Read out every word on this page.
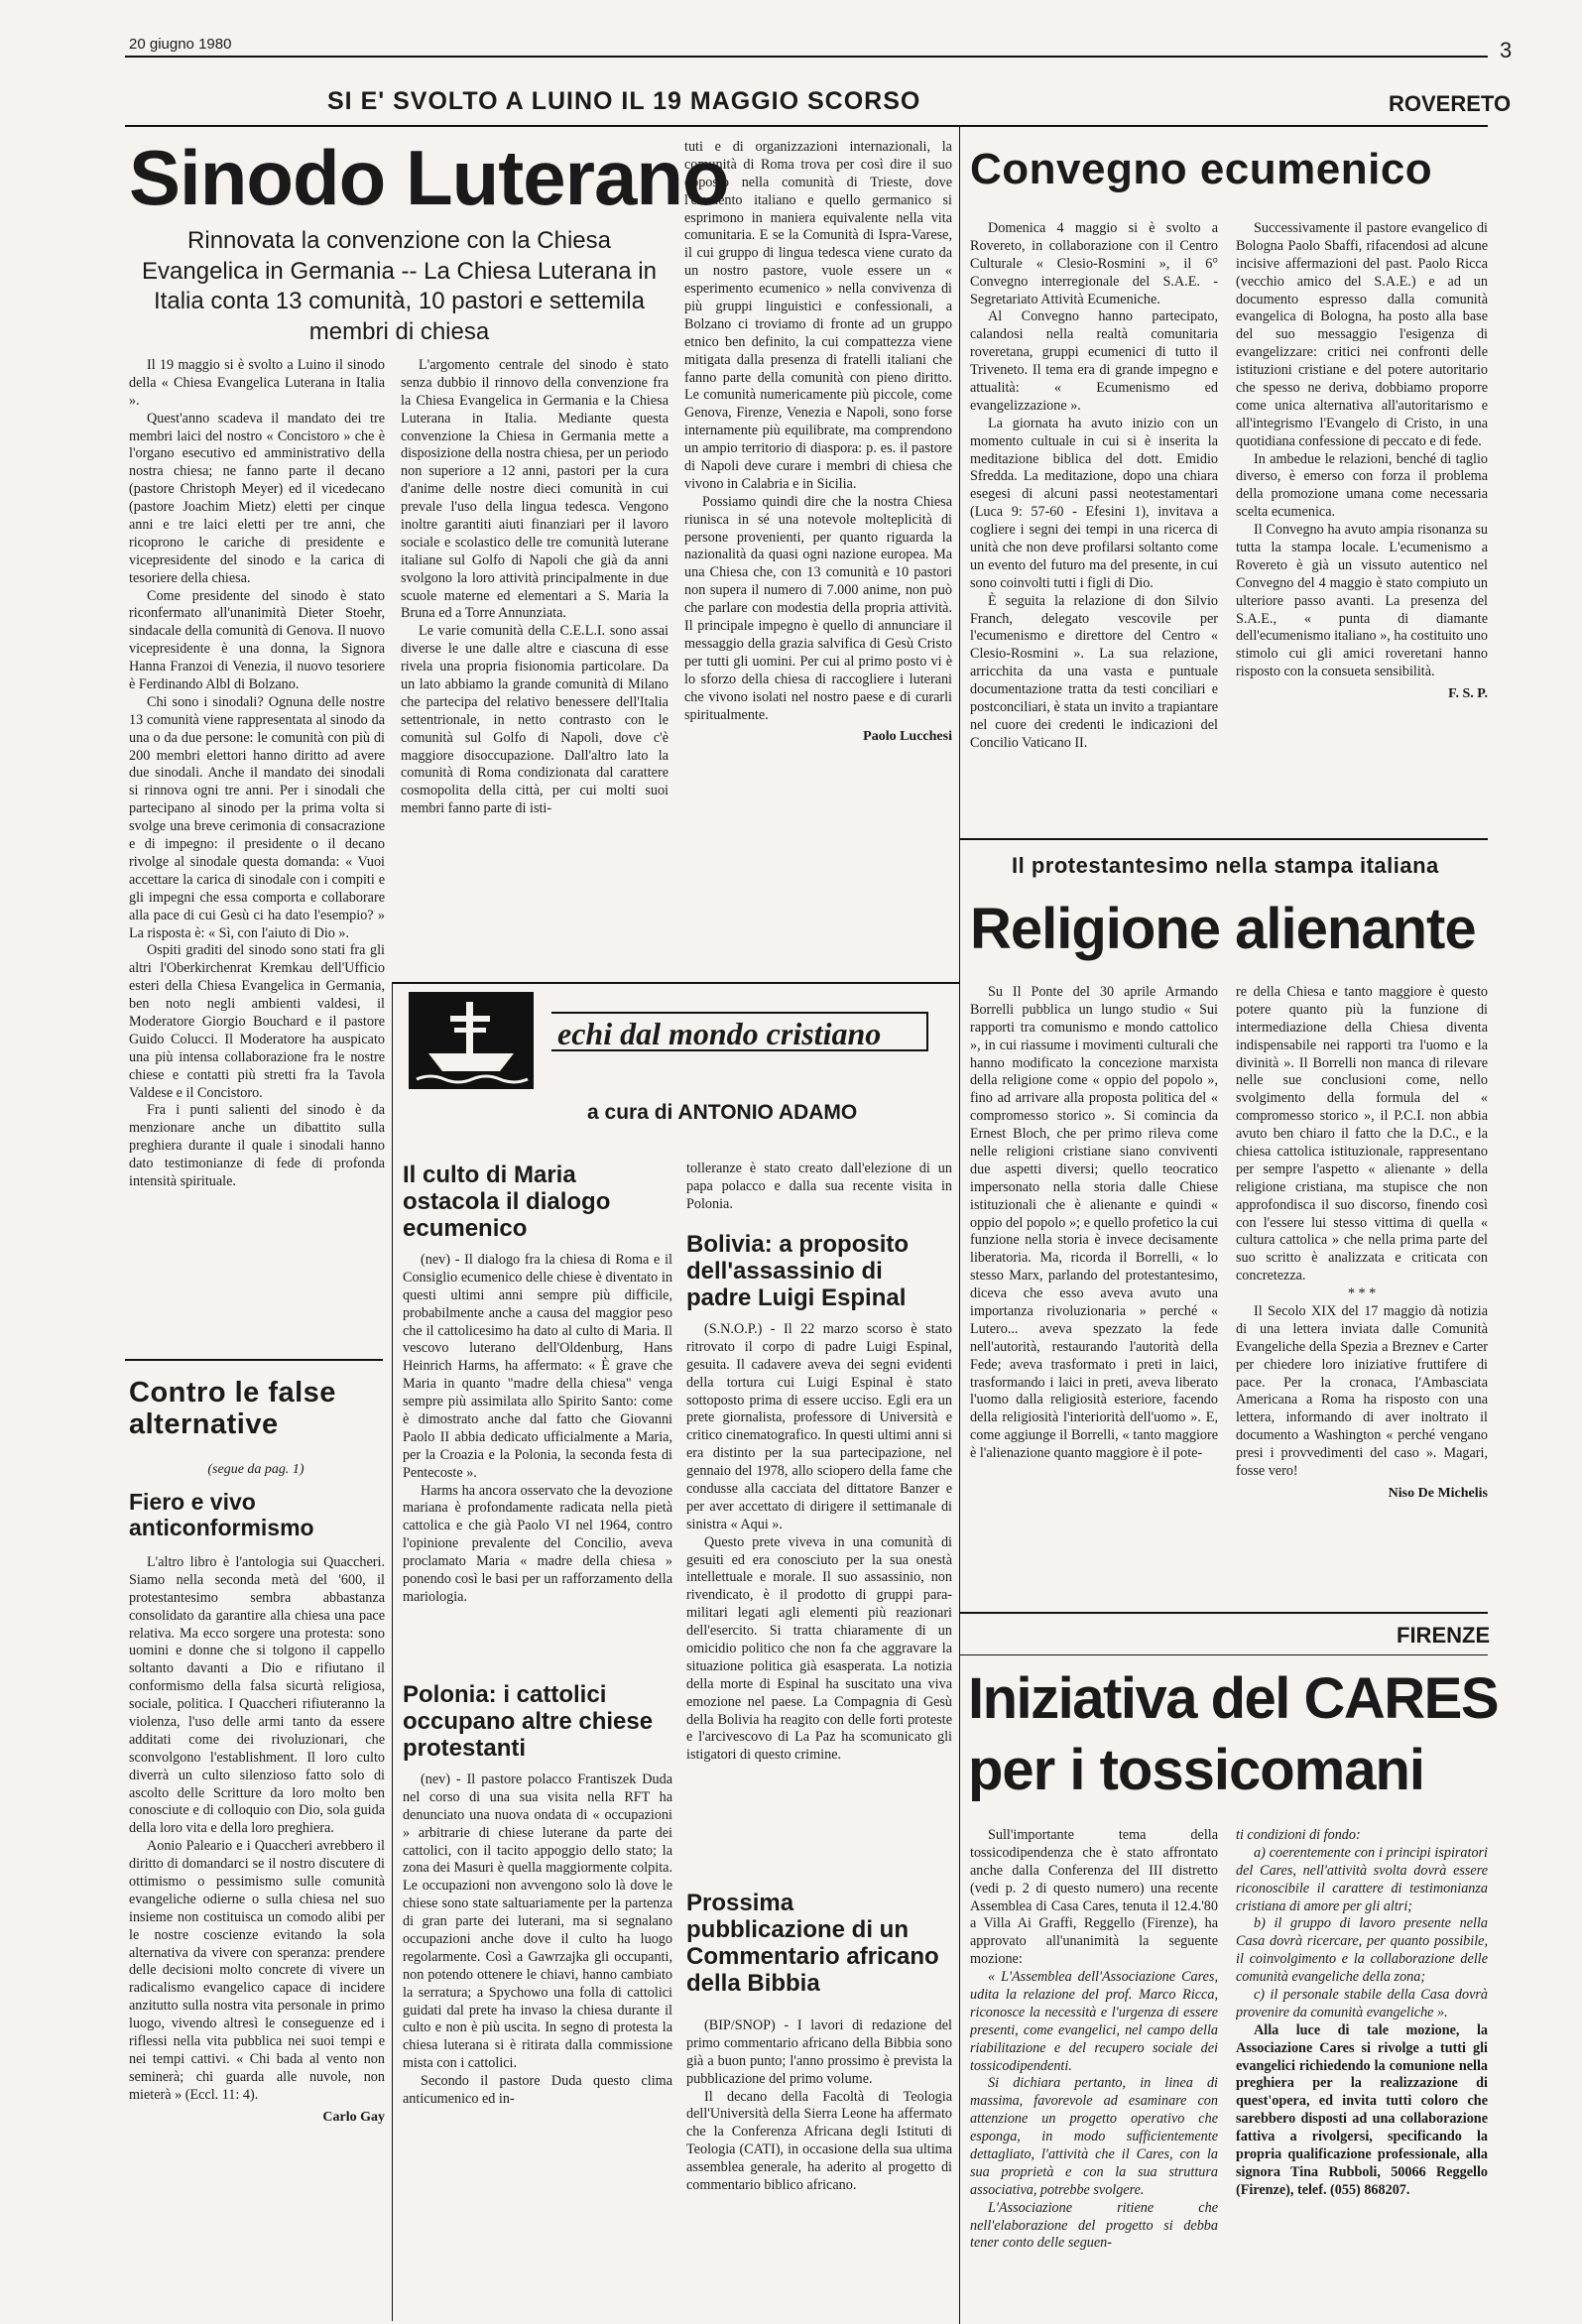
20 giugno 1980	3
SI E' SVOLTO A LUINO IL 19 MAGGIO SCORSO	ROVERETO
Sinodo Luterano
Rinnovata la convenzione con la Chiesa Evangelica in Germania -- La Chiesa Luterana in Italia conta 13 comunità, 10 pastori e settemila membri di chiesa

Il 19 maggio si è svolto a Luino il sinodo della « Chiesa Evangelica Luterana in Italia ».

Quest'anno scadeva il mandato dei tre membri laici del nostro « Concistoro » che è l'organo esecutivo ed amministrativo della nostra chiesa; ne fanno parte il decano (pastore Christoph Meyer) ed il vicedecano (pastore Joachim Mietz) eletti per cinque anni e tre laici eletti per tre anni, che ricoprono le cariche di presidente e vicepresidente del sinodo e la carica di tesoriere della chiesa.

Come presidente del sinodo è stato riconfermato all'unanimità Dieter Stoehr, sindacale della comunità di Genova. Il nuovo vicepresidente è una donna, la Signora Hanna Franzoi di Venezia, il nuovo tesoriere è Ferdinando Albl di Bolzano.

Chi sono i sinodali? Ognuna delle nostre 13 comunità viene rappresentata al sinodo da una o da due persone: le comunità con più di 200 membri elettori hanno diritto ad avere due sinodali. Anche il mandato dei sinodali si rinnova ogni tre anni. Per i sinodali che partecipano al sinodo per la prima volta si svolge una breve cerimonia di consacrazione e di impegno: il presidente o il decano rivolge al sinodale questa domanda: « Vuoi accettare la carica di sinodale con i compiti e gli impegni che essa comporta e collaborare alla pace di cui Gesù ci ha dato l'esempio? » La risposta è: « Sì, con l'aiuto di Dio ».

Ospiti graditi del sinodo sono stati fra gli altri l'Oberkirchenrat Kremkau dell'Ufficio esteri della Chiesa Evangelica in Germania, ben noto negli ambienti valdesi, il Moderatore Giorgio Bouchard e il pastore Guido Colucci. Il Moderatore ha auspicato una più intensa collaborazione fra le nostre chiese e contatti più stretti fra la Tavola Valdese e il Concistoro.

Fra i punti salienti del sinodo è da menzionare anche un dibattito sulla preghiera durante il quale i sinodali hanno dato testimonianze di fede di profonda intensità spirituale.

L'argomento centrale del sinodo è stato senza dubbio il rinnovo della convenzione fra la Chiesa Evangelica in Germania e la Chiesa Luterana in Italia. Mediante questa convenzione la Chiesa in Germania mette a disposizione della nostra chiesa, per un periodo non superiore a 12 anni, pastori per la cura d'anime delle nostre dieci comunità in cui prevale l'uso della lingua tedesca. Vengono inoltre garantiti aiuti finanziari per il lavoro sociale e scolastico delle tre comunità luterane italiane sul Golfo di Napoli che già da anni svolgono la loro attività principalmente in due scuole materne ed elementari a S. Maria la Bruna ed a Torre Annunziata.

Le varie comunità della C.E.L.I. sono assai diverse le une dalle altre e ciascuna di esse rivela una propria fisionomia particolare. Da un lato abbiamo la grande comunità di Milano che partecipa del relativo benessere dell'Italia settentrionale, in netto contrasto con le comunità sul Golfo di Napoli, dove c'è maggiore disoccupazione. Dall'altro lato la comunità di Roma condizionata dal carattere cosmopolita della città, per cui molti suoi membri fanno parte di isti-

tuti e di organizzazioni internazionali, la comunità di Roma trova per così dire il suo opposto nella comunità di Trieste, dove l'elemento italiano e quello germanico si esprimono in maniera equivalente nella vita comunitaria. E se la Comunità di Ispra-Varese, il cui gruppo di lingua tedesca viene curato da un nostro pastore, vuole essere un « esperimento ecumenico » nella convivenza di più gruppi linguistici e confessionali, a Bolzano ci troviamo di fronte ad un gruppo etnico ben definito, la cui compattezza viene mitigata dalla presenza di fratelli italiani che fanno parte della comunità con pieno diritto. Le comunità numericamente più piccole, come Genova, Firenze, Venezia e Napoli, sono forse internamente più equilibrate, ma comprendono un ampio territorio di diaspora: p. es. il pastore di Napoli deve curare i membri di chiesa che vivono in Calabria e in Sicilia.

Possiamo quindi dire che la nostra Chiesa riunisca in sé una notevole molteplicità di persone provenienti, per quanto riguarda la nazionalità da quasi ogni nazione europea. Ma una Chiesa che, con 13 comunità e 10 pastori non supera il numero di 7.000 anime, non può che parlare con modestia della propria attività. Il principale impegno è quello di annunciare il messaggio della grazia salvifica di Gesù Cristo per tutti gli uomini. Per cui al primo posto vi è lo sforzo della chiesa di raccogliere i luterani che vivono isolati nel nostro paese e di curarli spiritualmente.

Paolo Lucchesi
Contro le false alternative
(segue da pag. 1)
Fiero e vivo anticonformismo

L'altro libro è l'antologia sui Quaccheri. Siamo nella seconda metà del '600, il protestantesimo sembra abbastanza consolidato da garantire alla chiesa una pace relativa. Ma ecco sorgere una protesta: sono uomini e donne che si tolgono il cappello soltanto davanti a Dio e rifiutano il conformismo della falsa sicurtà religiosa, sociale, politica. I Quaccheri rifiuteranno la violenza, l'uso delle armi tanto da essere additati come dei rivoluzionari, che sconvolgono l'establishment. Il loro culto diverrà un culto silenzioso fatto solo di ascolto delle Scritture da loro molto ben conosciute e di colloquio con Dio, sola guida della loro vita e della loro preghiera.

Aonio Paleario e i Quaccheri avrebbero il diritto di domandarci se il nostro discutere di ottimismo o pessimismo sulle comunità evangeliche odierne o sulla chiesa nel suo insieme non costituisca un comodo alibi per le nostre coscienze evitando la sola alternativa da vivere con speranza: prendere delle decisioni molto concrete di vivere un radicalismo evangelico capace di incidere anzitutto sulla nostra vita personale in primo luogo, vivendo altresì le conseguenze ed i riflessi nella vita pubblica nei suoi tempi e nei tempi cattivi. « Chi bada al vento non seminerà; chi guarda alle nuvole, non mieterà » (Eccl. 11: 4).

Carlo Gay
echi dal mondo cristiano
a cura di ANTONIO ADAMO
Il culto di Maria ostacola il dialogo ecumenico

(nev) - Il dialogo fra la chiesa di Roma e il Consiglio ecumenico delle chiese è diventato in questi ultimi anni sempre più difficile, probabilmente anche a causa del maggior peso che il cattolicesimo ha dato al culto di Maria. Il vescovo luterano dell'Oldenburg, Hans Heinrich Harms, ha affermato: « È grave che Maria in quanto "madre della chiesa" venga sempre più assimilata allo Spirito Santo: come è dimostrato anche dal fatto che Giovanni Paolo II abbia dedicato ufficialmente a Maria, per la Croazia e la Polonia, la seconda festa di Pentecoste ».

Harms ha ancora osservato che la devozione mariana è profondamente radicata nella pietà cattolica e che già Paolo VI nel 1964, contro l'opinione prevalente del Concilio, aveva proclamato Maria « madre della chiesa » ponendo così le basi per un rafforzamento della mariologia.

Polonia: i cattolici occupano altre chiese protestanti

(nev) - Il pastore polacco Frantiszek Duda nel corso di una sua visita nella RFT ha denunciato una nuova ondata di « occupazioni » arbitrarie di chiese luterane da parte dei cattolici, con il tacito appoggio dello stato; la zona dei Masuri è quella maggiormente colpita. Le occupazioni non avvengono solo là dove le chiese sono state saltuariamente per la partenza di gran parte dei luterani, ma si segnalano occupazioni anche dove il culto ha luogo regolarmente. Così a Gawrzajka gli occupanti, non potendo ottenere le chiavi, hanno cambiato la serratura; a Spychowo una folla di cattolici guidati dal prete ha invaso la chiesa durante il culto e non è più uscita. In segno di protesta la chiesa luterana si è ritirata dalla commissione mista con i cattolici.

Secondo il pastore Duda questo clima anticumenico ed in-

tolleranze è stato creato dall'elezione di un papa polacco e dalla sua recente visita in Polonia.

Bolivia: a proposito dell'assassinio di padre Luigi Espinal

(S.N.O.P.) - Il 22 marzo scorso è stato ritrovato il corpo di padre Luigi Espinal, gesuita. Il cadavere aveva dei segni evidenti della tortura cui Luigi Espinal è stato sottoposto prima di essere ucciso. Egli era un prete giornalista, professore di Università e critico cinematografico. In questi ultimi anni si era distinto per la sua partecipazione, nel gennaio del 1978, allo sciopero della fame che condusse alla cacciata del dittatore Banzer e per aver accettato di dirigere il settimanale di sinistra « Aqui ».

Questo prete viveva in una comunità di gesuiti ed era conosciuto per la sua onestà intellettuale e morale. Il suo assassinio, non rivendicato, è il prodotto di gruppi para-militari legati agli elementi più reazionari dell'esercito. Si tratta chiaramente di un omicidio politico che non fa che aggravare la situazione politica già esasperata. La notizia della morte di Espinal ha suscitato una viva emozione nel paese. La Compagnia di Gesù della Bolivia ha reagito con delle forti proteste e l'arcivescovo di La Paz ha scomunicato gli istigatori di questo crimine.

Prossima pubblicazione di un Commentario africano della Bibbia

(BIP/SNOP) - I lavori di redazione del primo commentario africano della Bibbia sono già a buon punto; l'anno prossimo è prevista la pubblicazione del primo volume.

Il decano della Facoltà di Teologia dell'Università della Sierra Leone ha affermato che la Conferenza Africana degli Istituti di Teologia (CATI), in occasione della sua ultima assemblea generale, ha aderito al progetto di commentario biblico africano.

Convegno ecumenico

Domenica 4 maggio si è svolto a Rovereto, in collaborazione con il Centro Culturale « Clesio-Rosmini », il 6° Convegno interregionale del S.A.E. - Segretariato Attività Ecumeniche.

Al Convegno hanno partecipato, calandosi nella realtà comunitaria roveretana, gruppi ecumenici di tutto il Triveneto. Il tema era di grande impegno e attualità: « Ecumenismo ed evangelizzazione ».

La giornata ha avuto inizio con un momento cultuale in cui si è inserita la meditazione biblica del dott. Emidio Sfredda. La meditazione, dopo una chiara esegesi di alcuni passi neotestamentari (Luca 9: 57-60 - Efesini 1), invitava a cogliere i segni dei tempi in una ricerca di unità che non deve profilarsi soltanto come un evento del futuro ma del presente, in cui sono coinvolti tutti i figli di Dio.

È seguita la relazione di don Silvio Franch, delegato vescovile per l'ecumenismo e direttore del Centro « Clesio-Rosmini ». La sua relazione, arricchita da una vasta e puntuale documentazione tratta da testi conciliari e postconciliari, è stata un invito a trapiantare nel cuore dei credenti le indicazioni del Concilio Vaticano II.

Successivamente il pastore evangelico di Bologna Paolo Sbaffi, rifacendosi ad alcune incisive affermazioni del past. Paolo Ricca (vecchio amico del S.A.E.) e ad un documento espresso dalla comunità evangelica di Bologna, ha posto alla base del suo messaggio l'esigenza di evangelizzare: critici nei confronti delle istituzioni cristiane e del potere autoritario che spesso ne deriva, dobbiamo proporre come unica alternativa all'autoritarismo e all'integrismo l'Evangelo di Cristo, in una quotidiana confessione di peccato e di fede.

In ambedue le relazioni, benché di taglio diverso, è emerso con forza il problema della promozione umana come necessaria scelta ecumenica.

Il Convegno ha avuto ampia risonanza su tutta la stampa locale. L'ecumenismo a Rovereto è già un vissuto autentico nel Convegno del 4 maggio è stato compiuto un ulteriore passo avanti. La presenza del S.A.E., « punta di diamante dell'ecumenismo italiano », ha costituito uno stimolo cui gli amici roveretani hanno risposto con la consueta sensibilità.

F. S. P.
Il protestantesimo nella stampa italiana
Religione alienante

Su Il Ponte del 30 aprile Armando Borrelli pubblica un lungo studio « Sui rapporti tra comunismo e mondo cattolico », in cui riassume i movimenti culturali che hanno modificato la concezione marxista della religione come « oppio del popolo », fino ad arrivare alla proposta politica del « compromesso storico ». Si comincia da Ernest Bloch, che per primo rileva come nelle religioni cristiane siano conviventi due aspetti diversi; quello teocratico impersonato nella storia dalle Chiese istituzionali che è alienante e quindi « oppio del popolo »; e quello profetico la cui funzione nella storia è invece decisamente liberatoria. Ma, ricorda il Borrelli, « lo stesso Marx, parlando del protestantesimo, diceva che esso aveva avuto una importanza rivoluzionaria » perché « Lutero... aveva spezzato la fede nell'autorità, restaurando l'autorità della Fede; aveva trasformato i preti in laici, trasformando i laici in preti, aveva liberato l'uomo dalla religiosità esteriore, facendo della religiosità l'interiorità dell'uomo ». E, come aggiunge il Borrelli, « tanto maggiore è l'alienazione quanto maggiore è il pote-

re della Chiesa e tanto maggiore è questo potere quanto più la funzione di intermediazione della Chiesa diventa indispensabile nei rapporti tra l'uomo e la divinità ». Il Borrelli non manca di rilevare nelle sue conclusioni come, nello svolgimento della formula del « compromesso storico », il P.C.I. non abbia avuto ben chiaro il fatto che la D.C., e la chiesa cattolica istituzionale, rappresentano per sempre l'aspetto « alienante » della religione cristiana, ma stupisce che non approfondisca il suo discorso, finendo così con l'essere lui stesso vittima di quella « cultura cattolica » che nella prima parte del suo scritto è analizzata e criticata con concretezza.

* * *

Il Secolo XIX del 17 maggio dà notizia di una lettera inviata dalle Comunità Evangeliche della Spezia a Breznev e Carter per chiedere loro iniziative fruttifere di pace. Per la cronaca, l'Ambasciata Americana a Roma ha risposto con una lettera, informando di aver inoltrato il documento a Washington « perché vengano presi i provvedimenti del caso ». Magari, fosse vero!

Niso De Michelis
FIRENZE
Iniziativa del CARES
per i tossicomani

Sull'importante tema della tossicodipendenza che è stato affrontato anche dalla Conferenza del III distretto (vedi p. 2 di questo numero) una recente Assemblea di Casa Cares, tenuta il 12.4.'80 a Villa Ai Graffi, Reggello (Firenze), ha approvato all'unanimità la seguente mozione:

« L'Assemblea dell'Associazione Cares, udita la relazione del prof. Marco Ricca, riconosce la necessità e l'urgenza di essere presenti, come evangelici, nel campo della riabilitazione e del recupero sociale dei tossicodipendenti.

Si dichiara pertanto, in linea di massima, favorevole ad esaminare con attenzione un progetto operativo che esponga, in modo sufficientemente dettagliato, l'attività che il Cares, con la sua proprietà e con la sua struttura associativa, potrebbe svolgere.

L'Associazione ritiene che nell'elaborazione del progetto si debba tener conto delle seguen-

ti condizioni di fondo:

a) coerentemente con i principi ispiratori del Cares, nell'attività svolta dovrà essere riconoscibile il carattere di testimonianza cristiana di amore per gli altri;

b) il gruppo di lavoro presente nella Casa dovrà ricercare, per quanto possibile, il coinvolgimento e la collaborazione delle comunità evangeliche della zona;

c) il personale stabile della Casa dovrà provenire da comunità evangeliche ».

Alla luce di tale mozione, la Associazione Cares si rivolge a tutti gli evangelici richiedendo la comunione nella preghiera per la realizzazione di quest'opera, ed invita tutti coloro che sarebbero disposti ad una collaborazione fattiva a rivolgersi, specificando la propria qualificazione professionale, alla signora Tina Rubboli, 50066 Reggello (Firenze), telef. (055) 868207.
